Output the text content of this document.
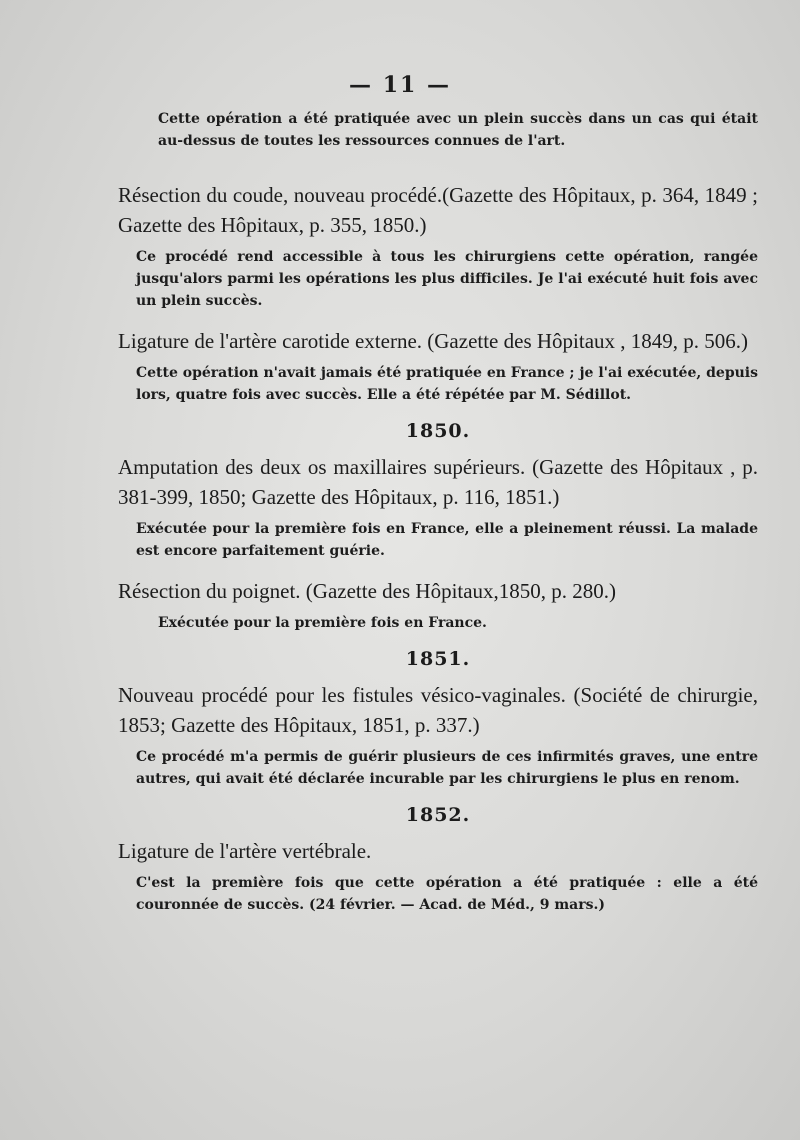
— 11 —

Cette opération a été pratiquée avec un plein succès dans un cas qui était au-dessus de toutes les ressources connues de l'art.

Résection du coude, nouveau procédé.(Gazette des Hôpitaux, p. 364, 1849 ; Gazette des Hôpitaux, p. 355, 1850.)

Ce procédé rend accessible à tous les chirurgiens cette opération, rangée jusqu'alors parmi les opérations les plus difficiles. Je l'ai exécuté huit fois avec un plein succès.

Ligature de l'artère carotide externe. (Gazette des Hôpitaux , 1849, p. 506.)

Cette opération n'avait jamais été pratiquée en France ; je l'ai exécutée, depuis lors, quatre fois avec succès. Elle a été répétée par M. Sédillot.

1850.

Amputation des deux os maxillaires supérieurs. (Gazette des Hôpitaux , p. 381-399, 1850; Gazette des Hôpitaux, p. 116, 1851.)

Exécutée pour la première fois en France, elle a pleinement réussi. La malade est encore parfaitement guérie.

Résection du poignet. (Gazette des Hôpitaux,1850, p. 280.)

Exécutée pour la première fois en France.

1851.

Nouveau procédé pour les fistules vésico-vaginales. (Société de chirurgie, 1853; Gazette des Hôpitaux, 1851, p. 337.)

Ce procédé m'a permis de guérir plusieurs de ces infirmités graves, une entre autres, qui avait été déclarée incurable par les chirurgiens le plus en renom.

1852.

Ligature de l'artère vertébrale.

C'est la première fois que cette opération a été pratiquée : elle a été couronnée de succès. (24 février. — Acad. de Méd., 9 mars.)
